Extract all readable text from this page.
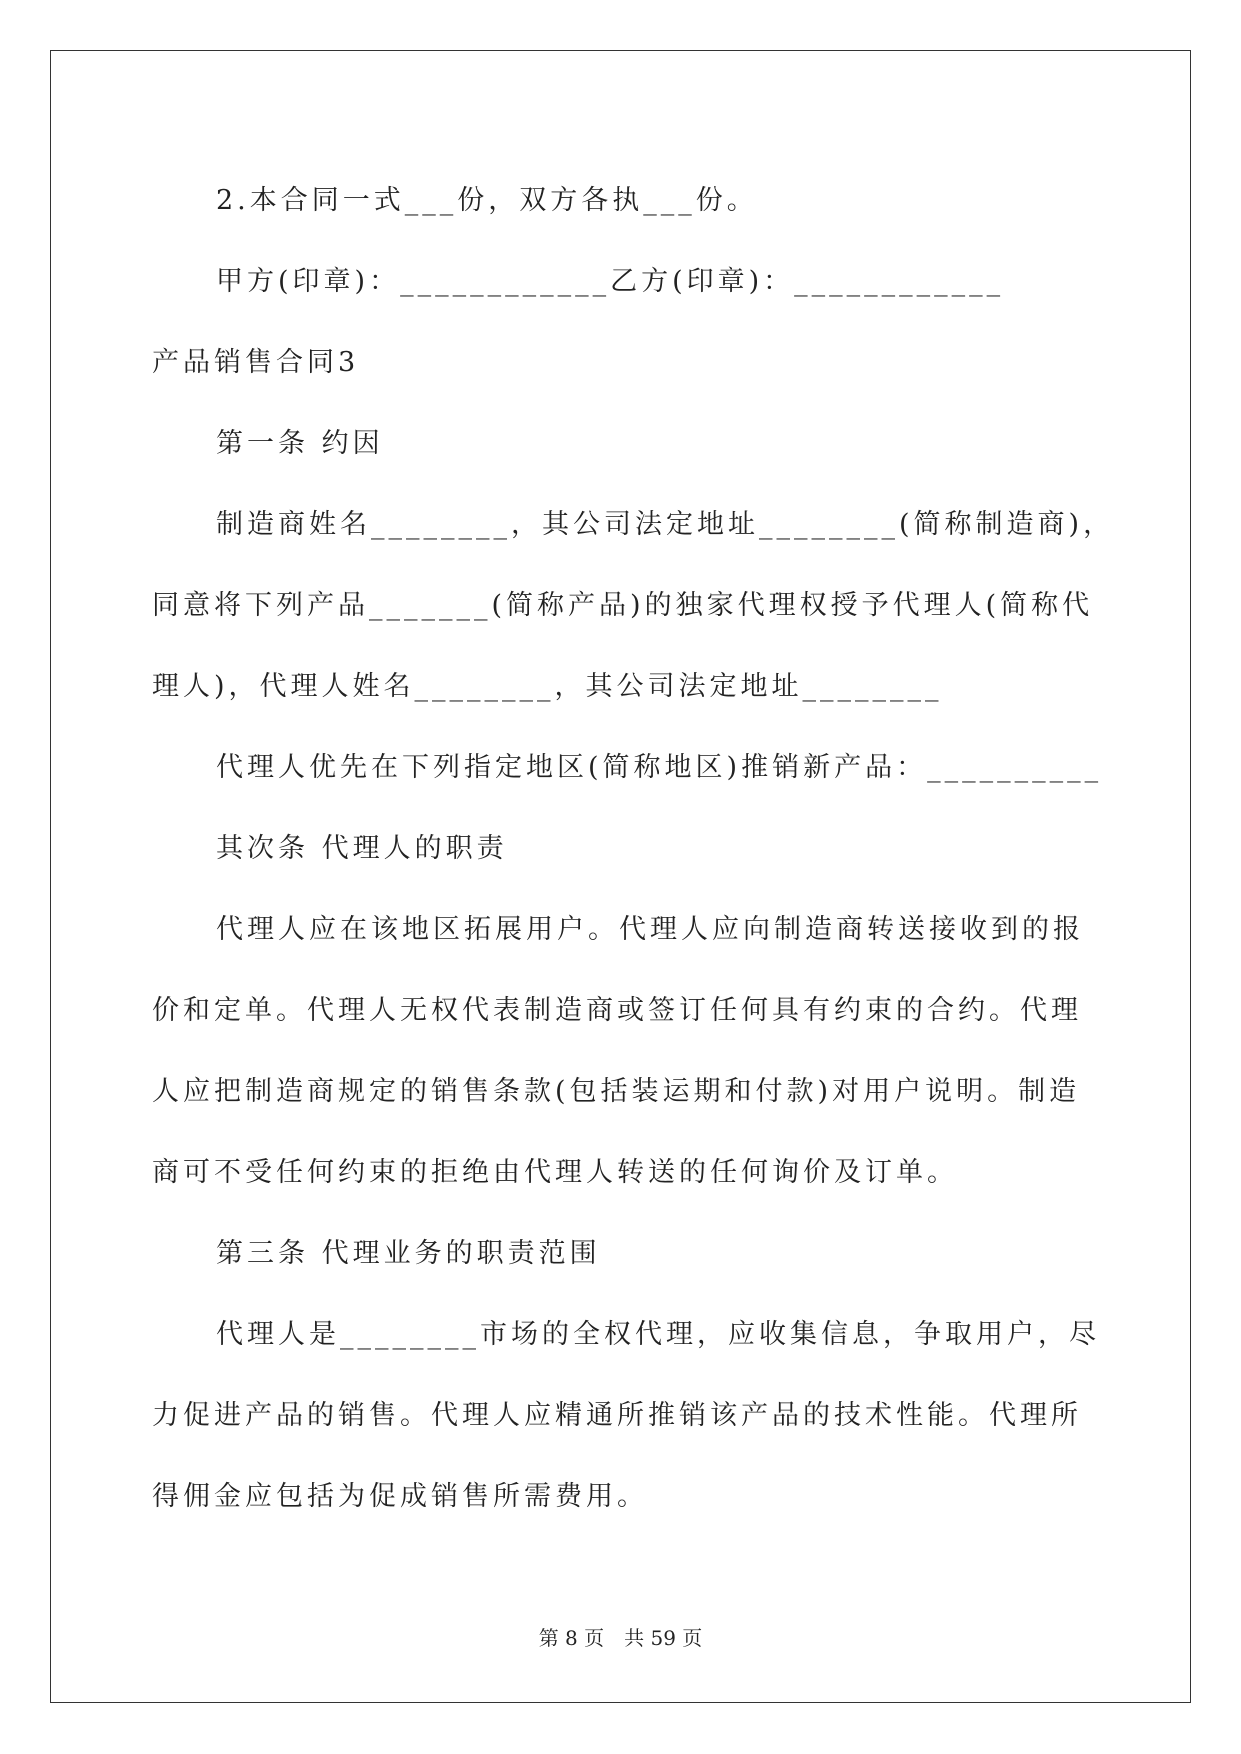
2.本合同一式___份，双方各执___份。
甲方(印章)：____________乙方(印章)：____________
产品销售合同3
第一条 约因
制造商姓名________，其公司法定地址________(简称制造商)，
同意将下列产品_______(简称产品)的独家代理权授予代理人(简称代
理人)，代理人姓名________，其公司法定地址________
代理人优先在下列指定地区(简称地区)推销新产品：__________
其次条 代理人的职责
代理人应在该地区拓展用户。代理人应向制造商转送接收到的报
价和定单。代理人无权代表制造商或签订任何具有约束的合约。代理
人应把制造商规定的销售条款(包括装运期和付款)对用户说明。制造
商可不受任何约束的拒绝由代理人转送的任何询价及订单。
第三条 代理业务的职责范围
代理人是________市场的全权代理，应收集信息，争取用户，尽
力促进产品的销售。代理人应精通所推销该产品的技术性能。代理所
得佣金应包括为促成销售所需费用。
第 8 页　共 59 页
